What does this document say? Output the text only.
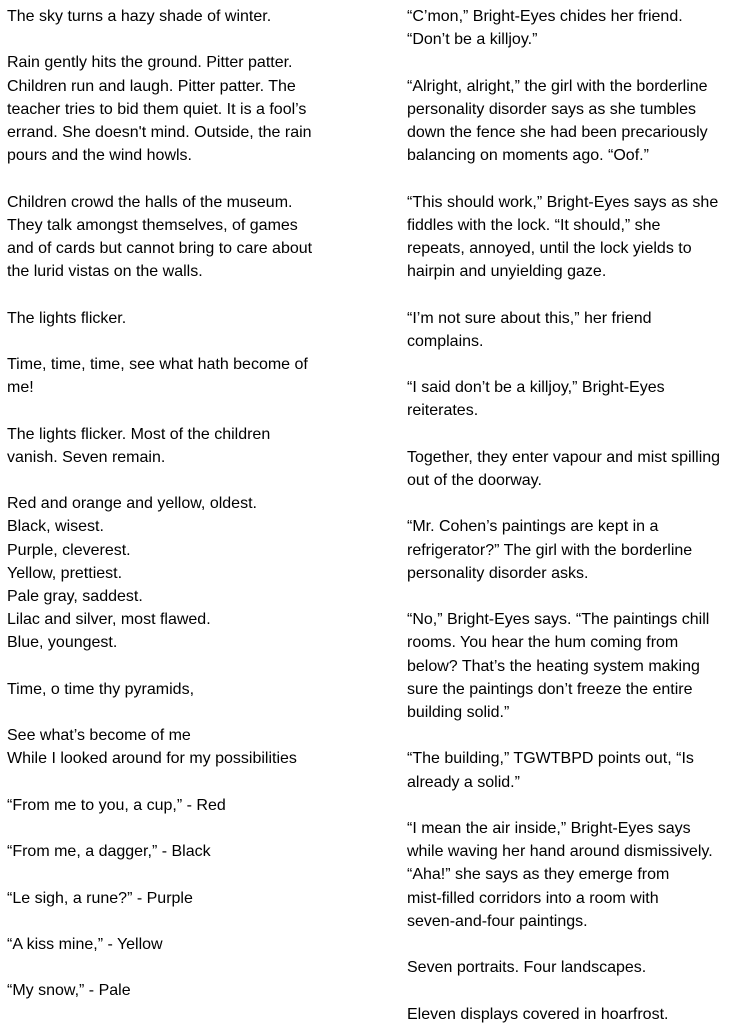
The sky turns a hazy shade of winter.

Rain gently hits the ground. Pitter patter.
Children run and laugh. Pitter patter. The
teacher tries to bid them quiet. It is a fool’s
errand. She doesn't mind. Outside, the rain
pours and the wind howls.

Children crowd the halls of the museum.
They talk amongst themselves, of games
and of cards but cannot bring to care about
the lurid vistas on the walls.

The lights flicker.

Time, time, time, see what hath become of
me!

The lights flicker. Most of the children
vanish. Seven remain.

Red and orange and yellow, oldest.
Black, wisest.
Purple, cleverest.
Yellow, prettiest.
Pale gray, saddest.
Lilac and silver, most flawed.
Blue, youngest.

Time, o time thy pyramids,

See what’s become of me
While I looked around for my possibilities

“From me to you, a cup,” - Red

“From me, a dagger,” - Black

“Le sigh, a rune?” - Purple

“A kiss mine,” - Yellow

“My snow,” - Pale

“C’mon,” Bright-Eyes chides her friend.
“Don’t be a killjoy.”

“Alright, alright,” the girl with the borderline
personality disorder says as she tumbles
down the fence she had been precariously
balancing on moments ago. “Oof.”

“This should work,” Bright-Eyes says as she
fiddles with the lock. “It should,” she
repeats, annoyed, until the lock yields to
hairpin and unyielding gaze.

“I’m not sure about this,” her friend
complains.

“I said don’t be a killjoy,” Bright-Eyes
reiterates.

Together, they enter vapour and mist spilling
out of the doorway.

“Mr. Cohen’s paintings are kept in a
refrigerator?” The girl with the borderline
personality disorder asks.

“No,” Bright-Eyes says. “The paintings chill
rooms. You hear the hum coming from
below? That’s the heating system making
sure the paintings don’t freeze the entire
building solid.”

“The building,” TGWTBPD points out, “Is
already a solid.”

“I mean the air inside,” Bright-Eyes says
while waving her hand around dismissively.
“Aha!” she says as they emerge from
mist-filled corridors into a room with
seven-and-four paintings.

Seven portraits. Four landscapes.

Eleven displays covered in hoarfrost.
